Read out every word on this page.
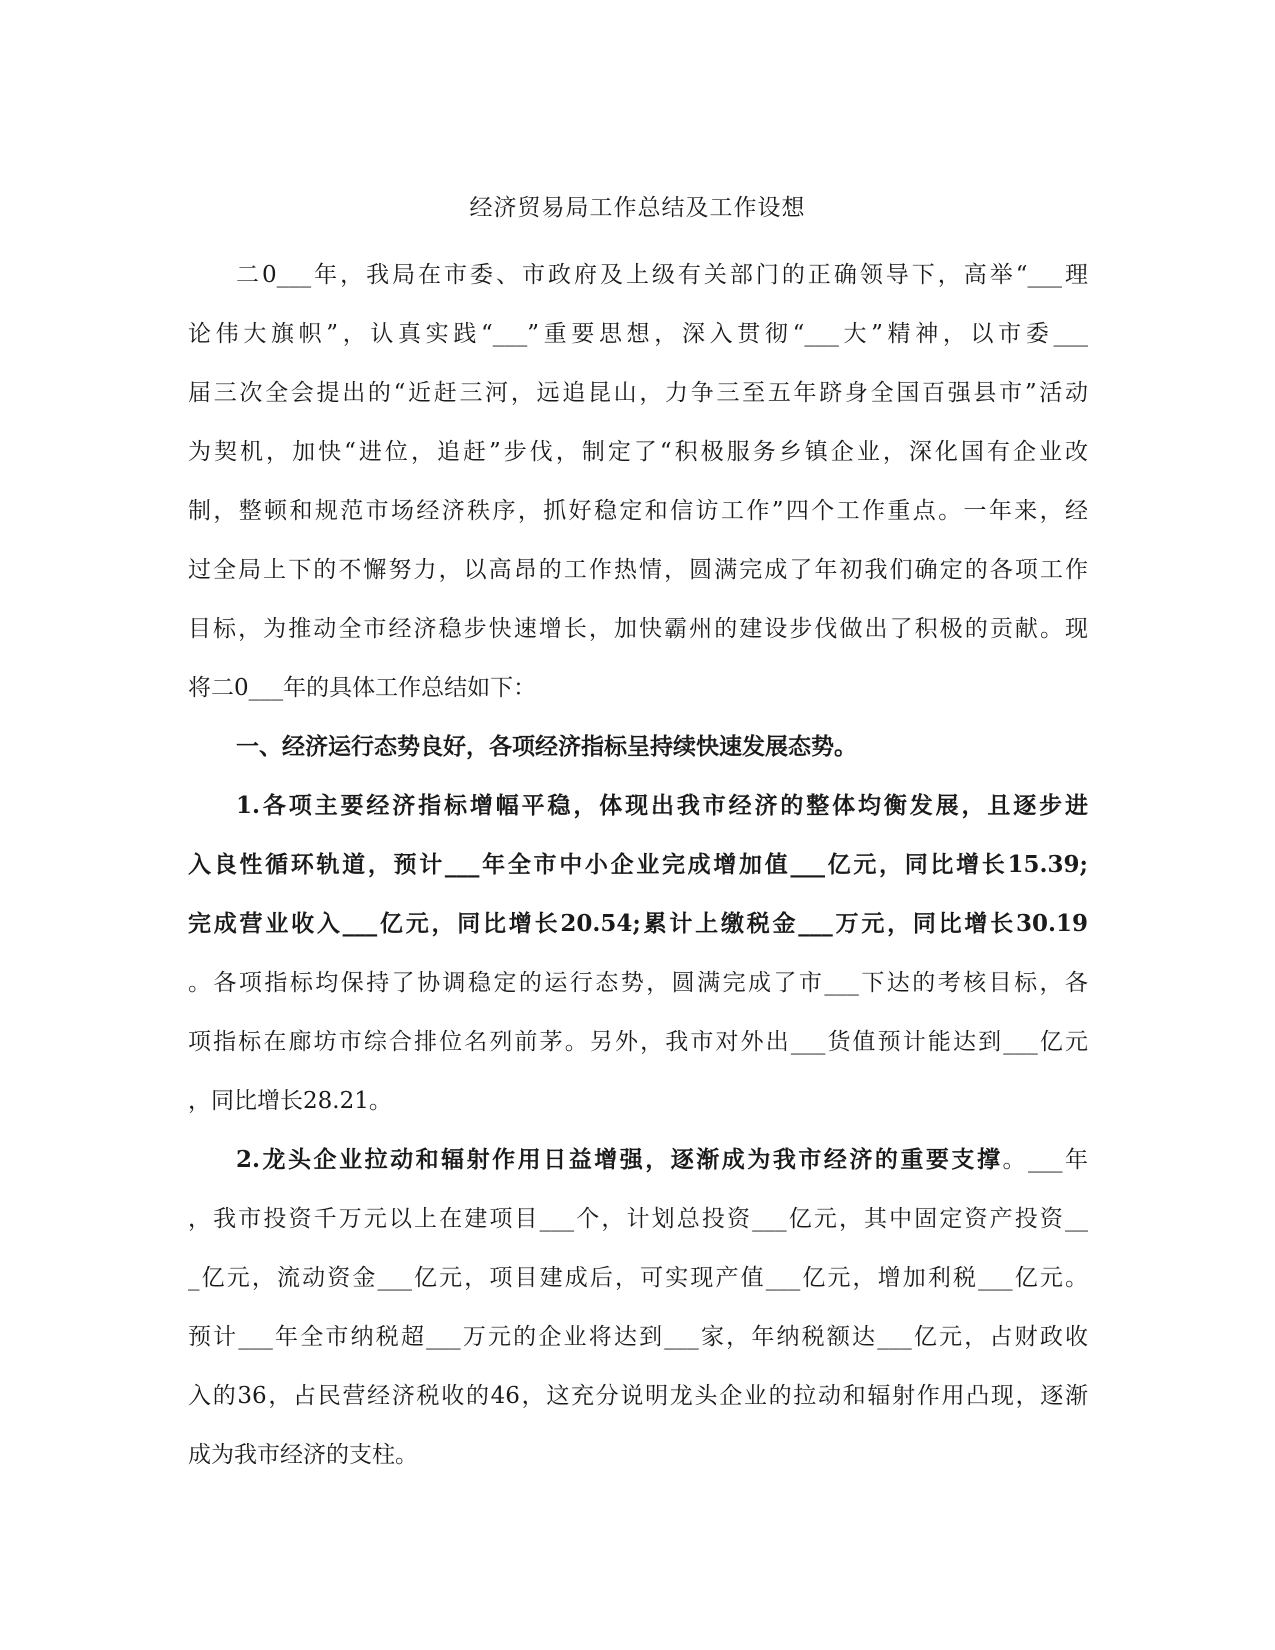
经济贸易局工作总结及工作设想
二0___年，我局在市委、市政府及上级有关部门的正确领导下，高举“___理
论伟大旗帜”，认真实践“___”重要思想，深入贯彻“___大”精神，以市委___
届三次全会提出的“近赶三河，远追昆山，力争三至五年跻身全国百强县市”活动
为契机，加快“进位，追赶”步伐，制定了“积极服务乡镇企业，深化国有企业改
制，整顿和规范市场经济秩序，抓好稳定和信访工作”四个工作重点。一年来，经
过全局上下的不懈努力，以高昂的工作热情，圆满完成了年初我们确定的各项工作
目标，为推动全市经济稳步快速增长，加快霸州的建设步伐做出了积极的贡献。现
将二0___年的具体工作总结如下：
一、经济运行态势良好，各项经济指标呈持续快速发展态势。
1.各项主要经济指标增幅平稳，体现出我市经济的整体均衡发展，且逐步进
入良性循环轨道，预计___年全市中小企业完成增加值___亿元，同比增长15.39;
完成营业收入___亿元，同比增长20.54;累计上缴税金___万元，同比增长30.19
。各项指标均保持了协调稳定的运行态势，圆满完成了市___下达的考核目标，各
项指标在廊坊市综合排位名列前茅。另外，我市对外出___货值预计能达到___亿元
，同比增长28.21。
2.龙头企业拉动和辐射作用日益增强，逐渐成为我市经济的重要支撑。___年
，我市投资千万元以上在建项目___个，计划总投资___亿元，其中固定资产投资__
_亿元，流动资金___亿元，项目建成后，可实现产值___亿元，增加利税___亿元。
预计___年全市纳税超___万元的企业将达到___家，年纳税额达___亿元，占财政收
入的36，占民营经济税收的46，这充分说明龙头企业的拉动和辐射作用凸现，逐渐
成为我市经济的支柱。
